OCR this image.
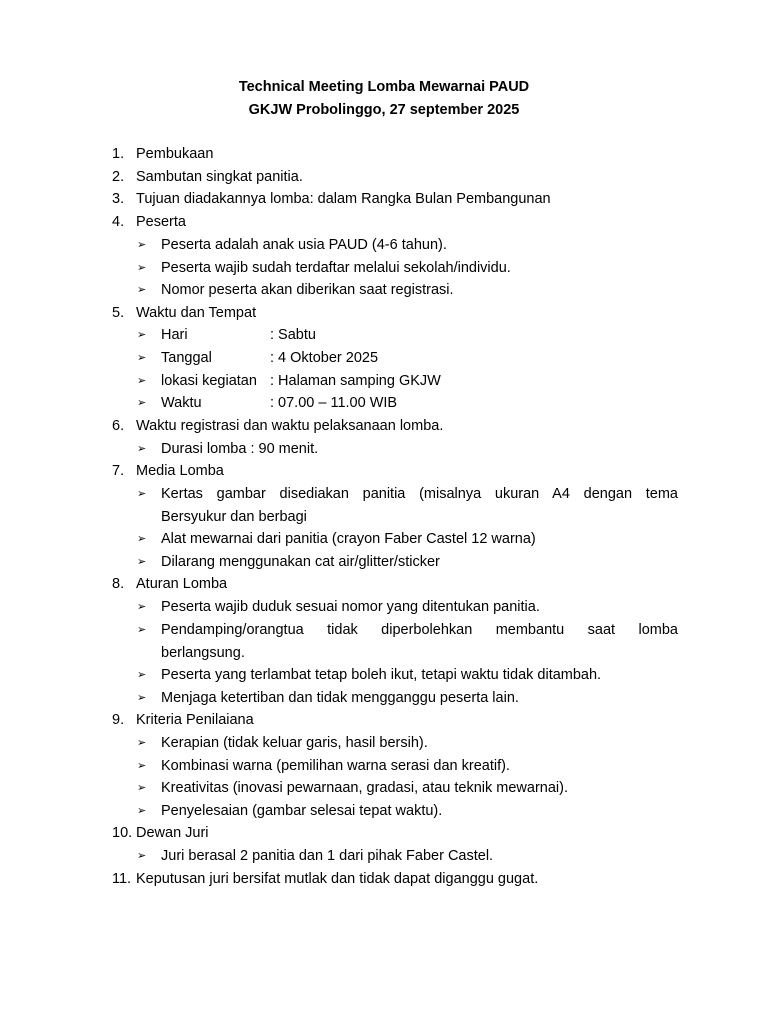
Technical Meeting Lomba Mewarnai PAUD
GKJW Probolinggo, 27 september 2025
1. Pembukaan
2. Sambutan singkat panitia.
3. Tujuan diadakannya lomba: dalam Rangka Bulan Pembangunan
4. Peserta
➢	Peserta adalah anak usia PAUD (4-6 tahun).
➢	Peserta wajib sudah terdaftar melalui sekolah/individu.
➢	Nomor peserta akan diberikan saat registrasi.
5. Waktu dan Tempat
➢	Hari	: Sabtu
➢	Tanggal	: 4 Oktober 2025
➢	lokasi kegiatan : Halaman samping GKJW
➢	Waktu	: 07.00 – 11.00 WIB
6. Waktu registrasi dan waktu pelaksanaan lomba.
➢	Durasi lomba : 90 menit.
7. Media Lomba
➢	Kertas gambar disediakan panitia (misalnya ukuran A4 dengan tema
Bersyukur dan berbagi
➢	Alat mewarnai dari panitia (crayon Faber Castel 12 warna)
➢	Dilarang menggunakan cat air/glitter/sticker
8. Aturan Lomba
➢	Peserta wajib duduk sesuai nomor yang ditentukan panitia.
➢	Pendamping/orangtua tidak diperbolehkan membantu saat lomba
berlangsung.
➢	Peserta yang terlambat tetap boleh ikut, tetapi waktu tidak ditambah.
➢	Menjaga ketertiban dan tidak mengganggu peserta lain.
9. Kriteria Penilaiana
➢	Kerapian (tidak keluar garis, hasil bersih).
➢	Kombinasi warna (pemilihan warna serasi dan kreatif).
➢	Kreativitas (inovasi pewarnaan, gradasi, atau teknik mewarnai).
➢	Penyelesaian (gambar selesai tepat waktu).
10. Dewan Juri
➢	Juri berasal 2 panitia dan 1 dari pihak Faber Castel.
11. Keputusan juri bersifat mutlak dan tidak dapat diganggu gugat.
